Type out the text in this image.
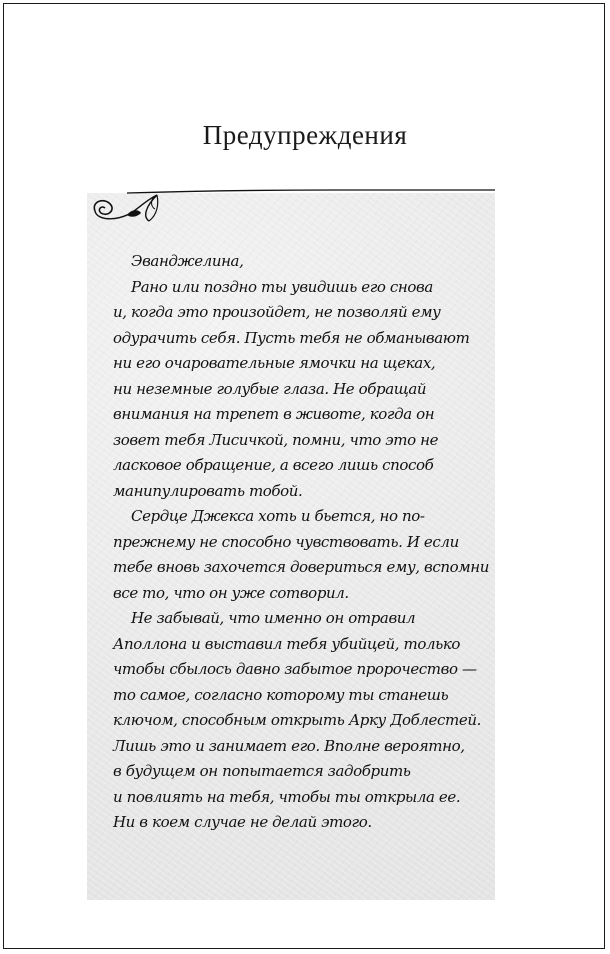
Предупреждения
Эванджелина,
Рано или поздно ты увидишь его снова
и, когда это произойдет, не позволяй ему
одурачить себя. Пусть тебя не обманывают
ни его очаровательные ямочки на щеках,
ни неземные голубые глаза. Не обращай
внимания на трепет в животе, когда он
зовет тебя Лисичкой, помни, что это не
ласковое обращение, а всего лишь способ
манипулировать тобой.
Сердце Джекса хоть и бьется, но по-
прежнему не способно чувствовать. И если
тебе вновь захочется довериться ему, вспомни
все то, что он уже сотворил.
Не забывай, что именно он отравил
Аполлона и выставил тебя убийцей, только
чтобы сбылось давно забытое пророчество —
то самое, согласно которому ты станешь
ключом, способным открыть Арку Доблестей.
Лишь это и занимает его. Вполне вероятно,
в будущем он попытается задобрить
и повлиять на тебя, чтобы ты открыла ее.
Ни в коем случае не делай этого.
